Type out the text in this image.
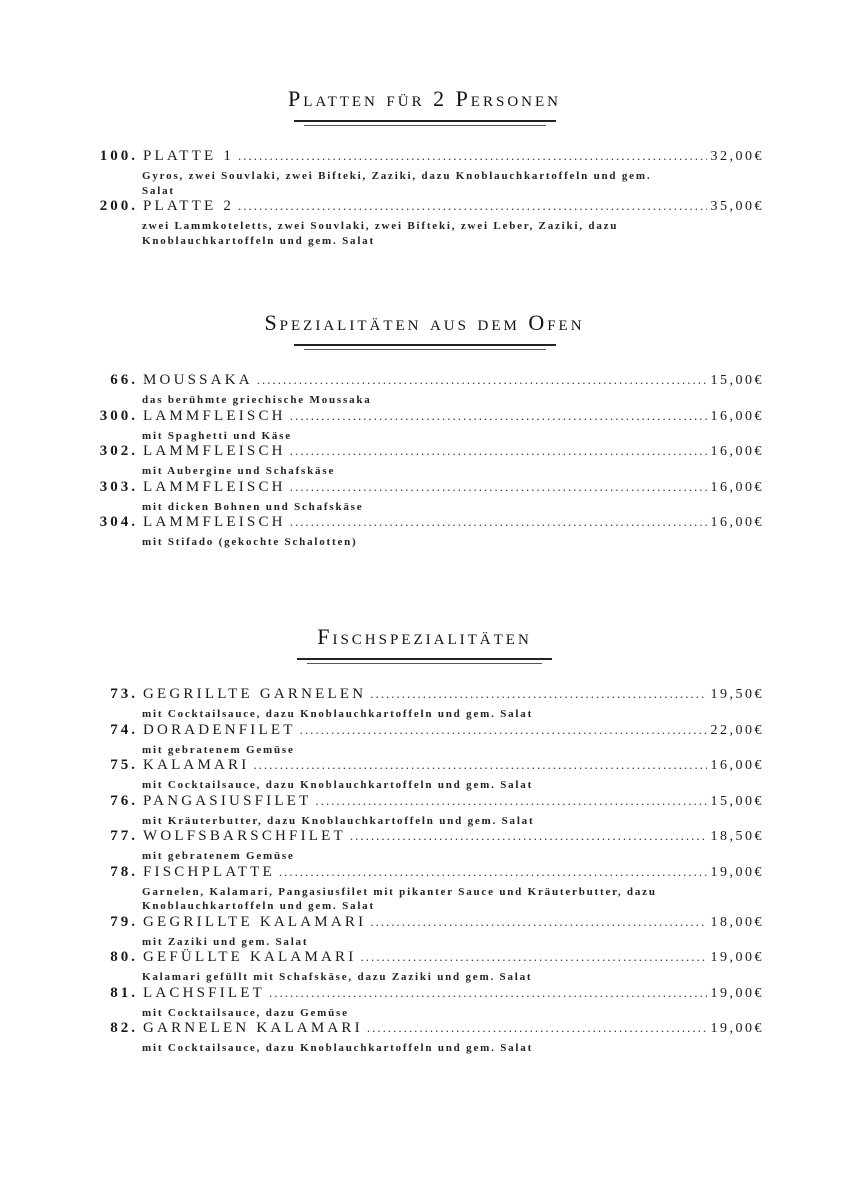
Platten für 2 Personen
100. PLATTE 1 .....	32,00€
Gyros, zwei Souvlaki, zwei Bifteki, Zaziki, dazu Knoblauchkartoffeln und gem. Salat
200. PLATTE 2 .....	35,00€
zwei Lammkoteletts, zwei Souvlaki, zwei Bifteki, zwei Leber, Zaziki, dazu Knoblauchkartoffeln und gem. Salat
Spezialitäten aus dem Ofen
66. MOUSSAKA .....	15,00€
das berühmte griechische Moussaka
300. LAMMFLEISCH .....	16,00€
mit Spaghetti und Käse
302. LAMMFLEISCH .....	16,00€
mit Aubergine und Schafskäse
303. LAMMFLEISCH .....	16,00€
mit dicken Bohnen und Schafskäse
304. LAMMFLEISCH .....	16,00€
mit Stifado (gekochte Schalotten)
Fischspezialitäten
73. GEGRILLTE GARNELEN .....	19,50€
mit Cocktailsauce, dazu Knoblauchkartoffeln und gem. Salat
74. DORADENFILET .....	22,00€
mit gebratenem Gemüse
75. KALAMARI .....	16,00€
mit Cocktailsauce, dazu Knoblauchkartoffeln und gem. Salat
76. PANGASIUSFILET .....	15,00€
mit Kräuterbutter, dazu Knoblauchkartoffeln und gem. Salat
77. WOLFSBARSCHFILET .....	18,50€
mit gebratenem Gemüse
78. FISCHPLATTE .....	19,00€
Garnelen, Kalamari, Pangasiusfilet mit pikanter Sauce und Kräuterbutter, dazu Knoblauchkartoffeln und gem. Salat
79. GEGRILLTE KALAMARI .....	18,00€
mit Zaziki und gem. Salat
80. GEFÜLLTE KALAMARI .....	19,00€
Kalamari gefüllt mit Schafskäse, dazu Zaziki und gem. Salat
81. LACHSFILET .....	19,00€
mit Cocktailsauce, dazu Gemüse
82. GARNELEN KALAMARI .....	19,00€
mit Cocktailsauce, dazu Knoblauchkartoffeln und gem. Salat
